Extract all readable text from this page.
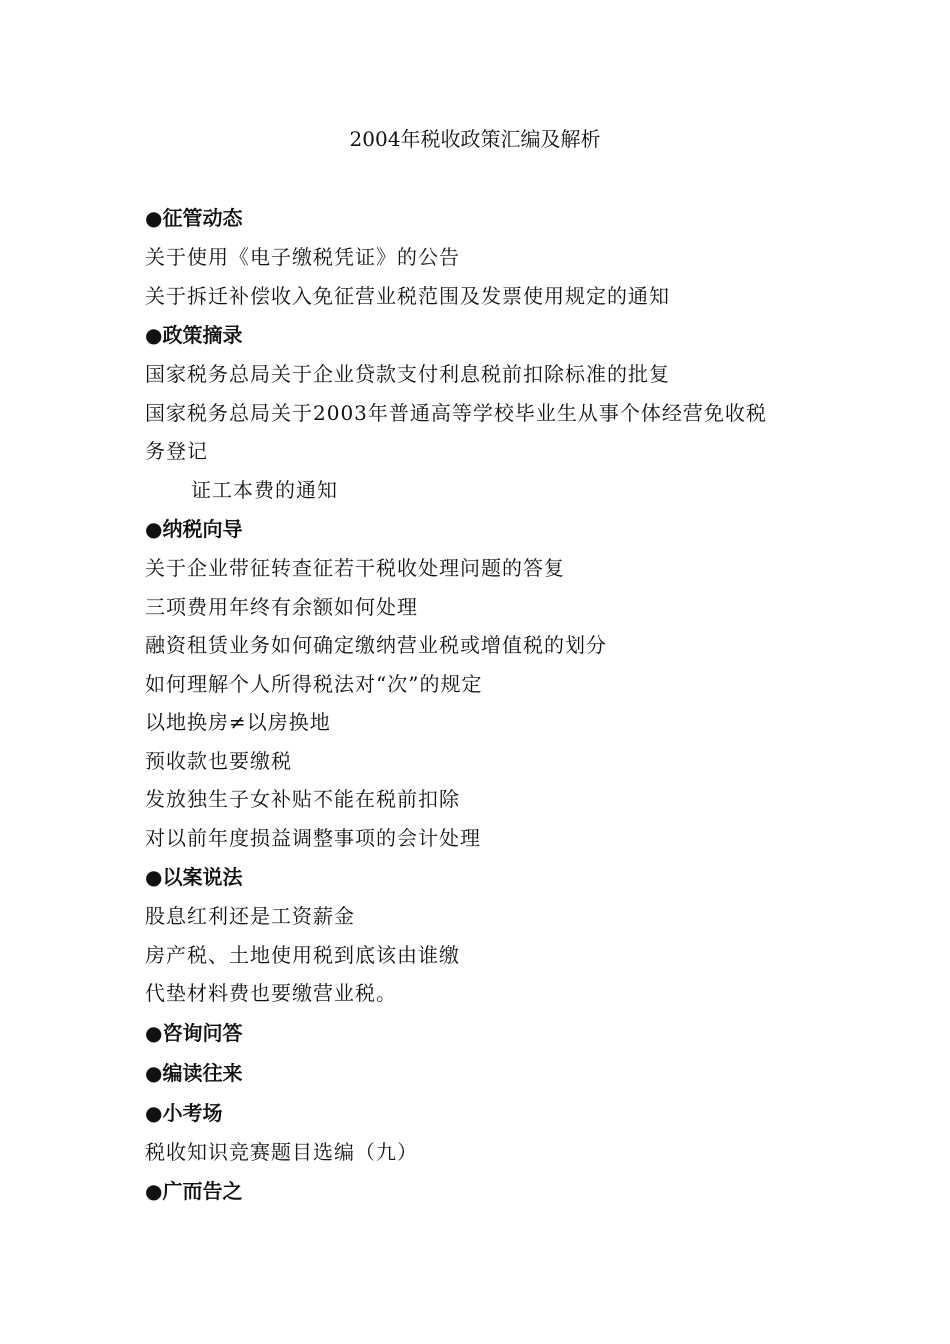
2004年税收政策汇编及解析
●征管动态
关于使用《电子缴税凭证》的公告
关于拆迁补偿收入免征营业税范围及发票使用规定的通知
●政策摘录
国家税务总局关于企业贷款支付利息税前扣除标准的批复
国家税务总局关于2003年普通高等学校毕业生从事个体经营免收税
务登记
证工本费的通知
●纳税向导
关于企业带征转查征若干税收处理问题的答复
三项费用年终有余额如何处理
融资租赁业务如何确定缴纳营业税或增值税的划分
如何理解个人所得税法对“次”的规定
以地换房≠以房换地
预收款也要缴税
发放独生子女补贴不能在税前扣除
对以前年度损益调整事项的会计处理
●以案说法
股息红利还是工资薪金
房产税、土地使用税到底该由谁缴
代垫材料费也要缴营业税。
●咨询问答
●编读往来
●小考场
税收知识竞赛题目选编（九）
●广而告之
